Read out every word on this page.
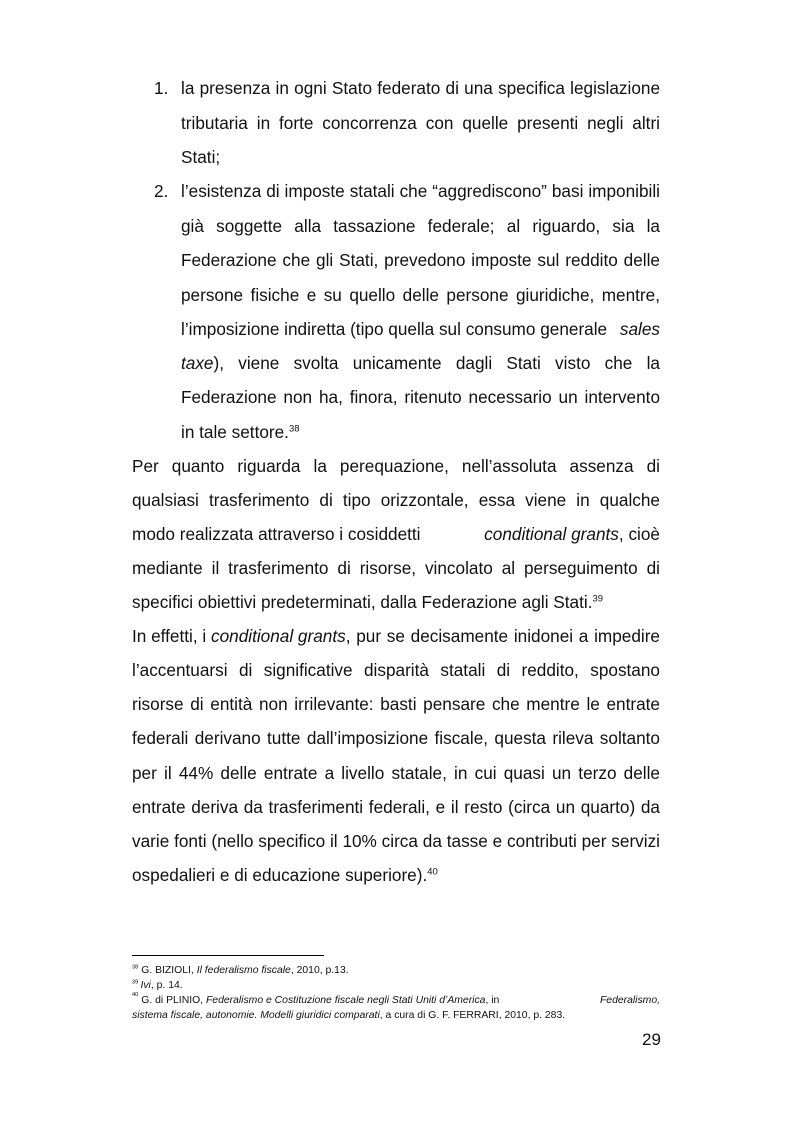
1. la presenza in ogni Stato federato di una specifica legislazione
tributaria in forte concorrenza con quelle presenti negli altri
Stati;
2. l’esistenza di imposte statali che “aggrediscono” basi imponibili
già soggette alla tassazione federale; al riguardo, sia la
Federazione che gli Stati, prevedono imposte sul reddito delle
persone fisiche e su quello delle persone giuridiche, mentre,
l’imposizione indiretta (tipo quella sul consumo generale sales
taxe ), viene svolta unicamente dagli Stati visto che la
Federazione non ha, finora, ritenuto necessario un intervento
in tale settore.$^{38}$
Per quanto riguarda la perequazione, nell’assoluta assenza di
qualsiasi trasferimento di tipo orizzontale, essa viene in qualche
modo realizzata attraverso i cosiddetti	conditional grants , cioè
mediante il trasferimento di risorse, vincolato al perseguimento di
specifici obiettivi predeterminati, dalla Federazione agli Stati.$^{39}$
In effetti, i conditional grants , pur se decisamente inidonei a impedire
l’accentuarsi di significative disparità statali di reddito, spostano
risorse di entità non irrilevante: basti pensare che mentre le entrate
federali derivano tutte dall’imposizione fiscale, questa rileva soltanto
per il 44% delle entrate a livello statale, in cui quasi un terzo delle
entrate deriva da trasferimenti federali, e il resto (circa un quarto) da
varie fonti (nello specifico il 10% circa da tasse e contributi per servizi
ospedalieri e di educazione superiore).$^{40}$
$^{38}$ G. BIZIOLI, Il federalismo fiscale, 2010, p.13.
$^{39}$  Ivi, p. 14.
40 G. di PLINIO, Federalismo e Costituzione fiscale negli Stati Uniti d’America , in	Federalismo,
sistema fiscale, autonomie. Modelli giuridici comparati, a cura di G. F. FERRARI, 2010, p. 283.
29
